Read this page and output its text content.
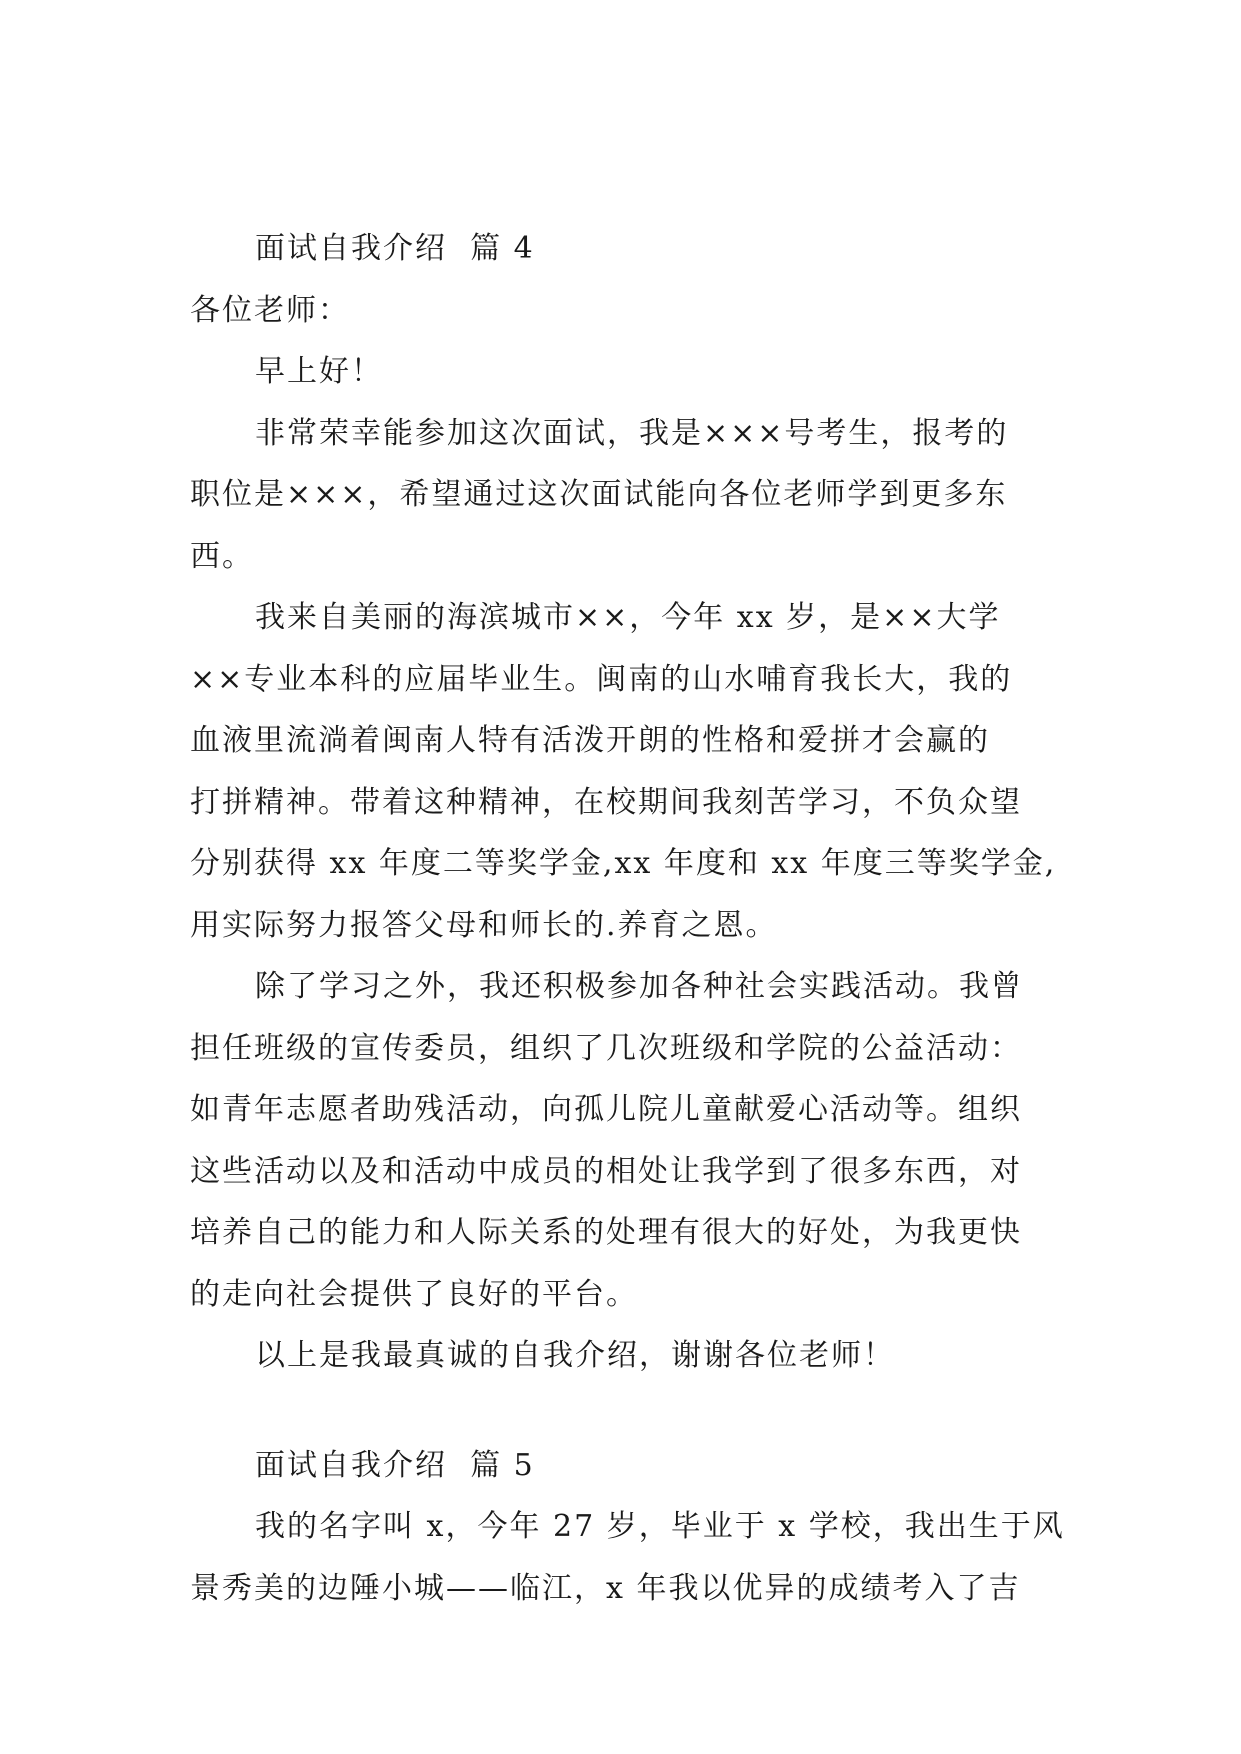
面试自我介绍  篇 4

各位老师：

早上好！

非常荣幸能参加这次面试，我是×××号考生，报考的

职位是×××，希望通过这次面试能向各位老师学到更多东

西。

我来自美丽的海滨城市××，今年 xx 岁，是××大学

××专业本科的应届毕业生。闽南的山水哺育我长大，我的

血液里流淌着闽南人特有活泼开朗的性格和爱拼才会赢的

打拼精神。带着这种精神，在校期间我刻苦学习，不负众望

分别获得 xx 年度二等奖学金,xx 年度和 xx 年度三等奖学金,

用实际努力报答父母和师长的.养育之恩。

除了学习之外，我还积极参加各种社会实践活动。我曾

担任班级的宣传委员，组织了几次班级和学院的公益活动：

如青年志愿者助残活动，向孤儿院儿童献爱心活动等。组织

这些活动以及和活动中成员的相处让我学到了很多东西，对

培养自己的能力和人际关系的处理有很大的好处，为我更快

的走向社会提供了良好的平台。

以上是我最真诚的自我介绍，谢谢各位老师！

面试自我介绍  篇 5

我的名字叫 x，今年 27 岁，毕业于 x 学校，我出生于风

景秀美的边陲小城——临江，x 年我以优异的成绩考入了吉
